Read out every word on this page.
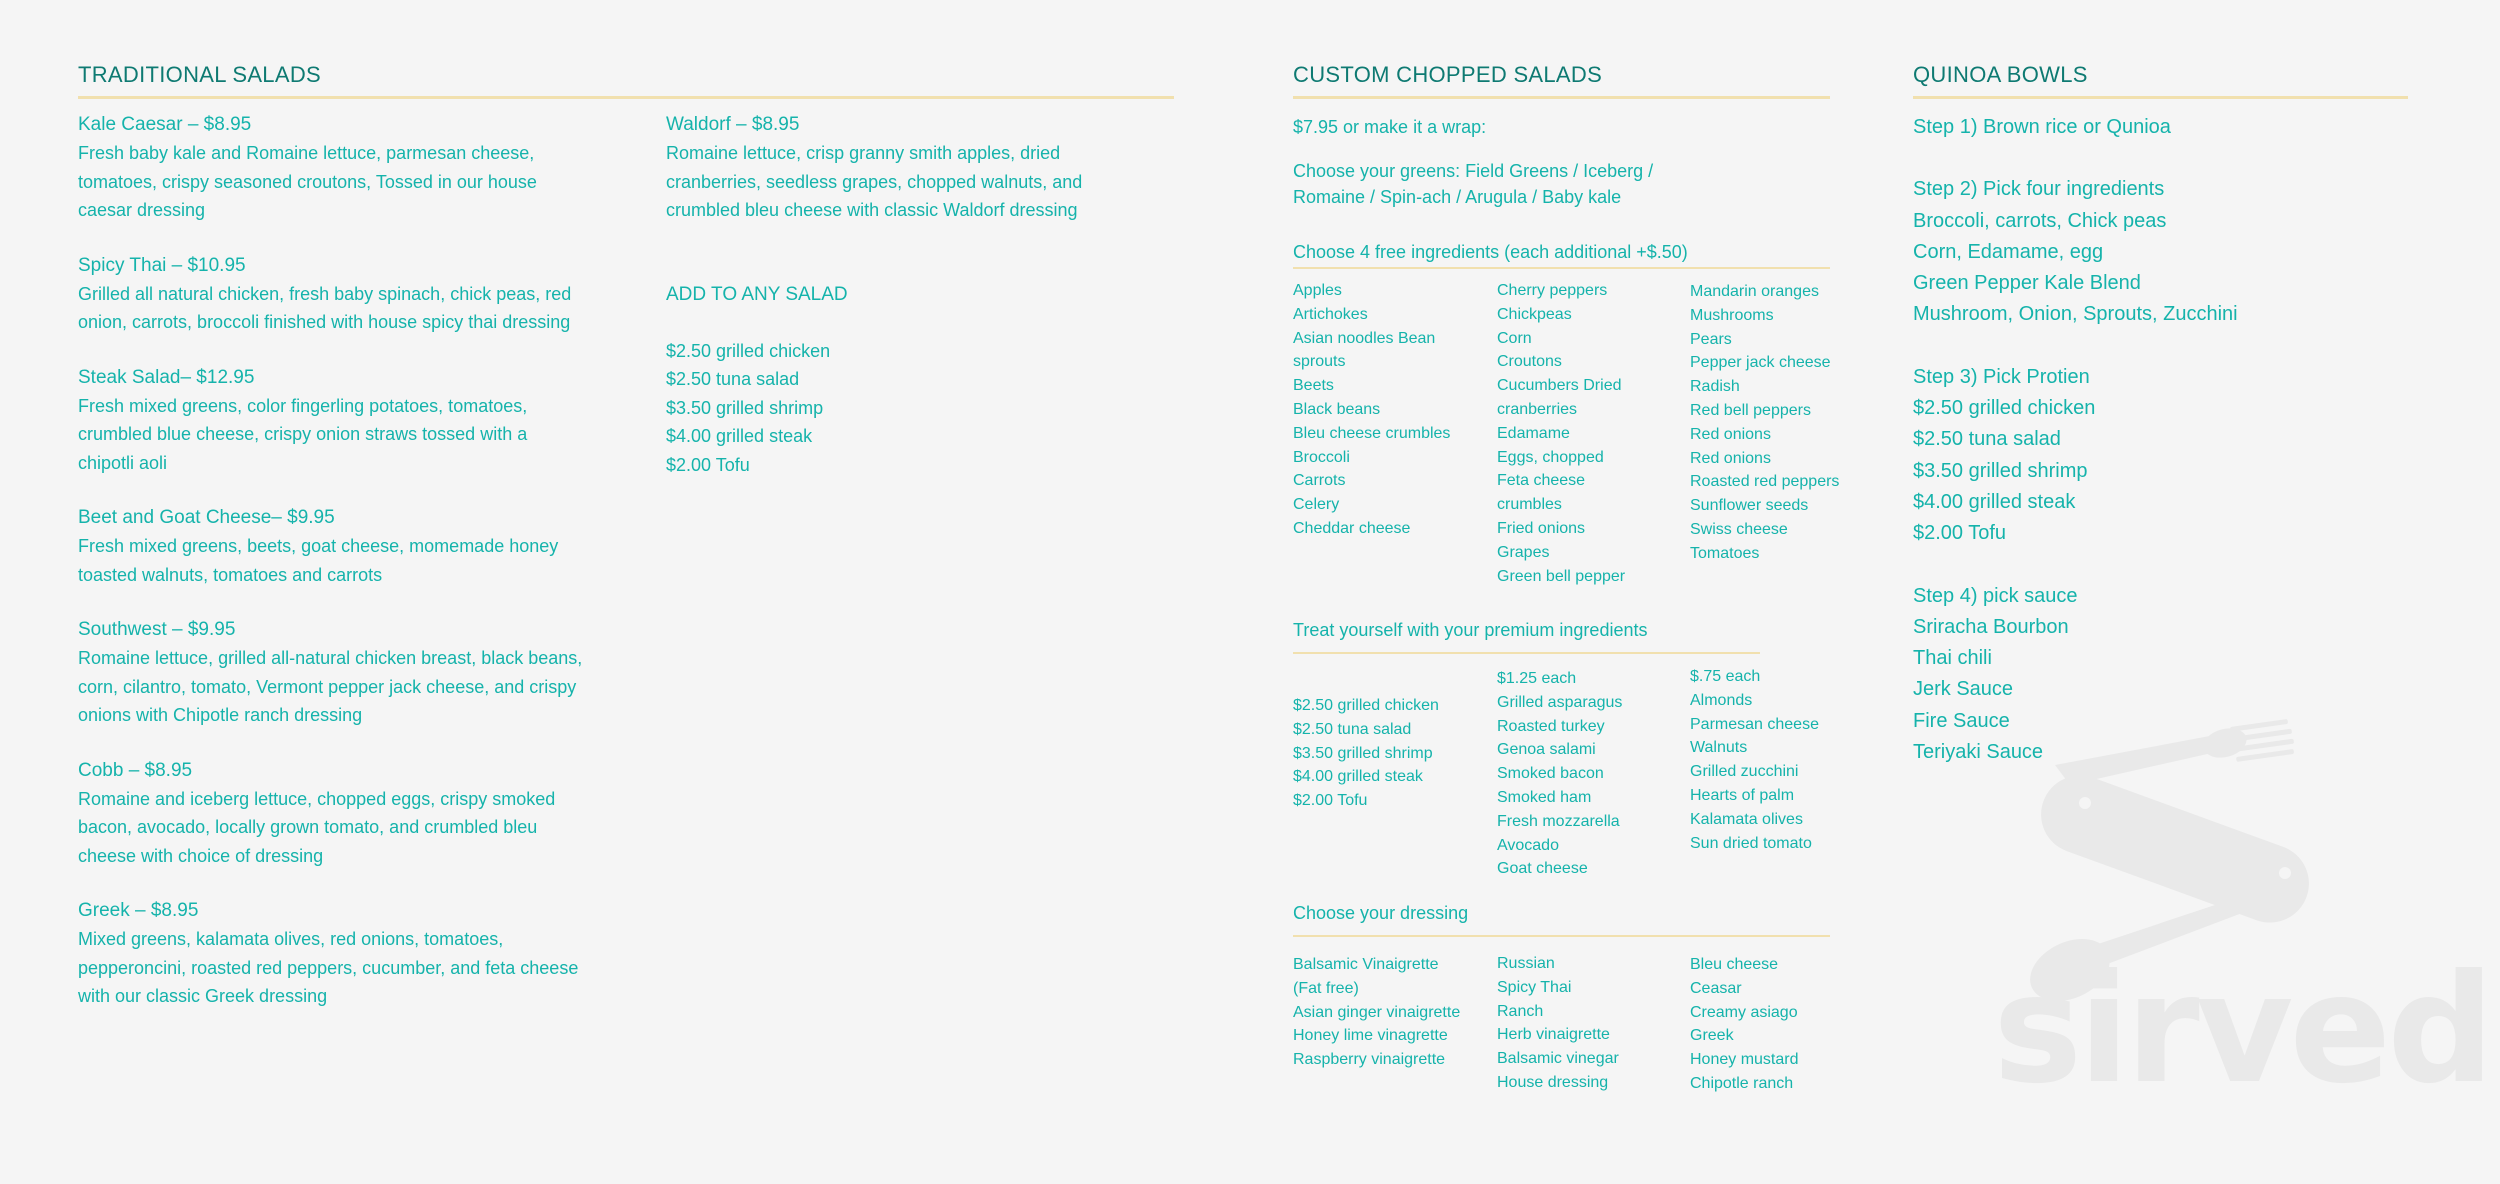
TRADITIONAL SALADS
Kale Caesar – $8.95
Fresh baby kale and Romaine lettuce, parmesan cheese, tomatoes, crispy seasoned croutons, Tossed in our house caesar dressing
Spicy Thai – $10.95
Grilled all natural chicken, fresh baby spinach, chick peas, red onion, carrots, broccoli finished with house spicy thai dressing
Steak Salad– $12.95
Fresh mixed greens, color fingerling potatoes, tomatoes, crumbled blue cheese, crispy onion straws tossed with a chipotli aoli
Beet and Goat Cheese– $9.95
Fresh mixed greens, beets, goat cheese, momemade honey toasted walnuts, tomatoes and carrots
Southwest – $9.95
Romaine lettuce, grilled all-natural chicken breast, black beans, corn, cilantro, tomato, Vermont pepper jack cheese, and crispy onions with Chipotle ranch dressing
Cobb – $8.95
Romaine and iceberg lettuce, chopped eggs, crispy smoked bacon, avocado, locally grown tomato, and crumbled bleu cheese with choice of dressing
Greek – $8.95
Mixed greens, kalamata olives, red onions, tomatoes, pepperoncini, roasted red peppers, cucumber, and feta cheese with our classic Greek dressing
Waldorf – $8.95
Romaine lettuce, crisp granny smith apples, dried cranberries, seedless grapes, chopped walnuts, and crumbled bleu cheese with classic Waldorf dressing
ADD TO ANY SALAD
$2.50 grilled chicken
$2.50 tuna salad
$3.50 grilled shrimp
$4.00 grilled steak
$2.00 Tofu
CUSTOM CHOPPED SALADS
$7.95 or make it a wrap:
Choose your greens: Field Greens / Iceberg /
Romaine / Spin-ach / Arugula / Baby kale
Choose 4 free ingredients (each additional +$.50)
Apples
Artichokes
Asian noodles Bean
sprouts
Beets
Black beans
Bleu cheese crumbles
Broccoli
Carrots
Celery
Cheddar cheese
Cherry peppers
Chickpeas
Corn
Croutons
Cucumbers Dried
cranberries
Edamame
Eggs, chopped
Feta cheese
crumbles
Fried onions
Grapes
Green bell pepper
Mandarin oranges
Mushrooms
Pears
Pepper jack cheese
Radish
Red bell peppers
Red onions
Red onions
Roasted red peppers
Sunflower seeds
Swiss cheese
Tomatoes
Treat yourself with your premium ingredients
$2.50 grilled chicken
$2.50 tuna salad
$3.50 grilled shrimp
$4.00 grilled steak
$2.00 Tofu
$1.25 each
Grilled asparagus
Roasted turkey
Genoa salami
Smoked bacon
Smoked ham
Fresh mozzarella
Avocado
Goat cheese
$.75 each
Almonds
Parmesan cheese
Walnuts
Grilled zucchini
Hearts of palm
Kalamata olives
Sun dried tomato
Choose your dressing
Balsamic Vinaigrette
(Fat free)
Asian ginger vinaigrette
Honey lime vinagrette
Raspberry vinaigrette
Russian
Spicy Thai
Ranch
Herb vinaigrette
Balsamic vinegar
House dressing
Bleu cheese
Ceasar
Creamy asiago
Greek
Honey mustard
Chipotle ranch sirved
QUINOA BOWLS
Step 1) Brown rice or Qunioa
Step 2) Pick four ingredients
Broccoli, carrots, Chick peas
Corn, Edamame, egg
Green Pepper Kale Blend
Mushroom, Onion, Sprouts, Zucchini
Step 3) Pick Protien
$2.50 grilled chicken
$2.50 tuna salad
$3.50 grilled shrimp
$4.00 grilled steak
$2.00 Tofu
Step 4) pick sauce
Sriracha Bourbon
Thai chili
Jerk Sauce
Fire Sauce
Teriyaki Sauce
